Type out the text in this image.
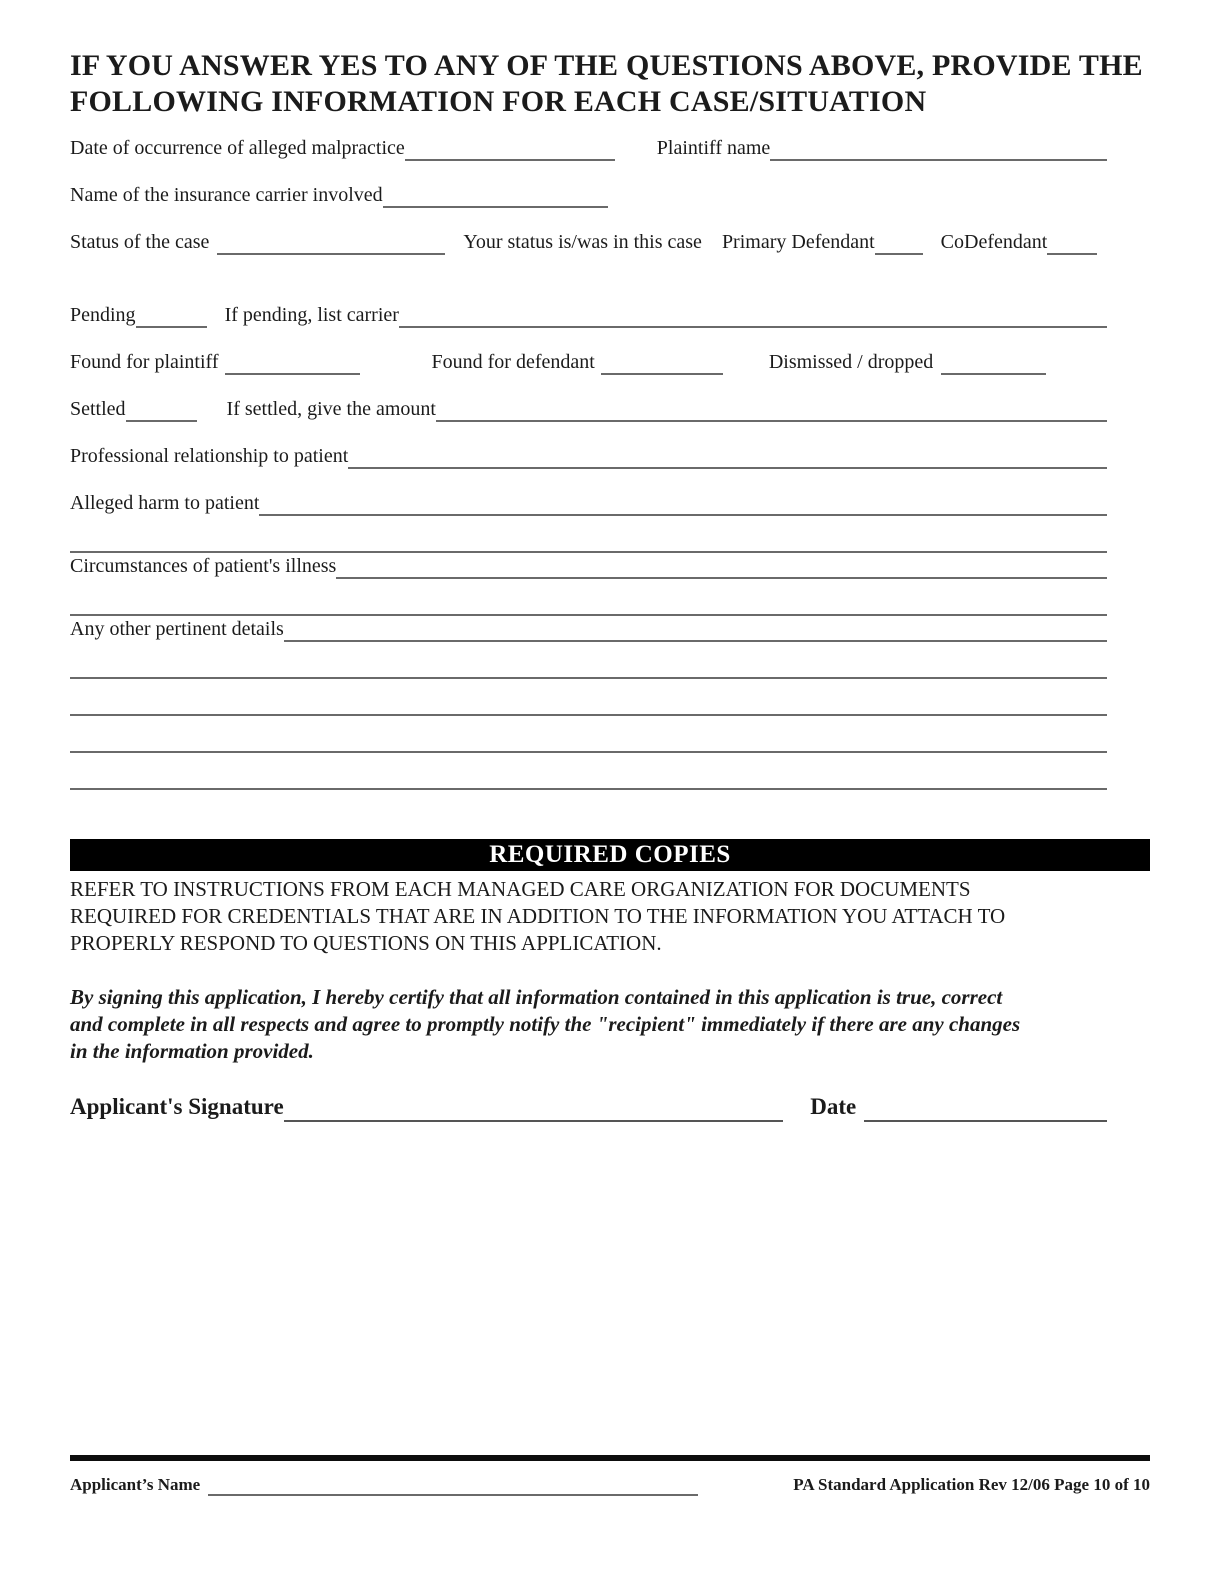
IF YOU ANSWER YES TO ANY OF THE QUESTIONS ABOVE, PROVIDE THE
FOLLOWING INFORMATION FOR EACH CASE/SITUATION
Date of occurrence of alleged malpractice	Plaintiff name
Name of the insurance carrier involved
Status of the case	Your status is/was in this case Primary Defendant	CoDefendant
Pending	If pending, list carrier
Found for plaintiff	Found for defendant	Dismissed / dropped
Settled	If settled, give the amount
Professional relationship to patient
Alleged harm to patient
Circumstances of patient's illness
Any other pertinent details
REQUIRED COPIES
REFER TO INSTRUCTIONS FROM EACH MANAGED CARE ORGANIZATION FOR DOCUMENTS
REQUIRED FOR CREDENTIALS THAT ARE IN ADDITION TO THE INFORMATION YOU ATTACH TO
PROPERLY RESPOND TO QUESTIONS ON THIS APPLICATION.
By signing this application, I hereby certify that all information contained in this application is true, correct
and complete in all respects and agree to promptly notify the "recipient" immediately if there are any changes
in the information provided.
Applicant's Signature	Date
Applicant’s Name	PA Standard Application Rev 12/06 Page 10 of 10
